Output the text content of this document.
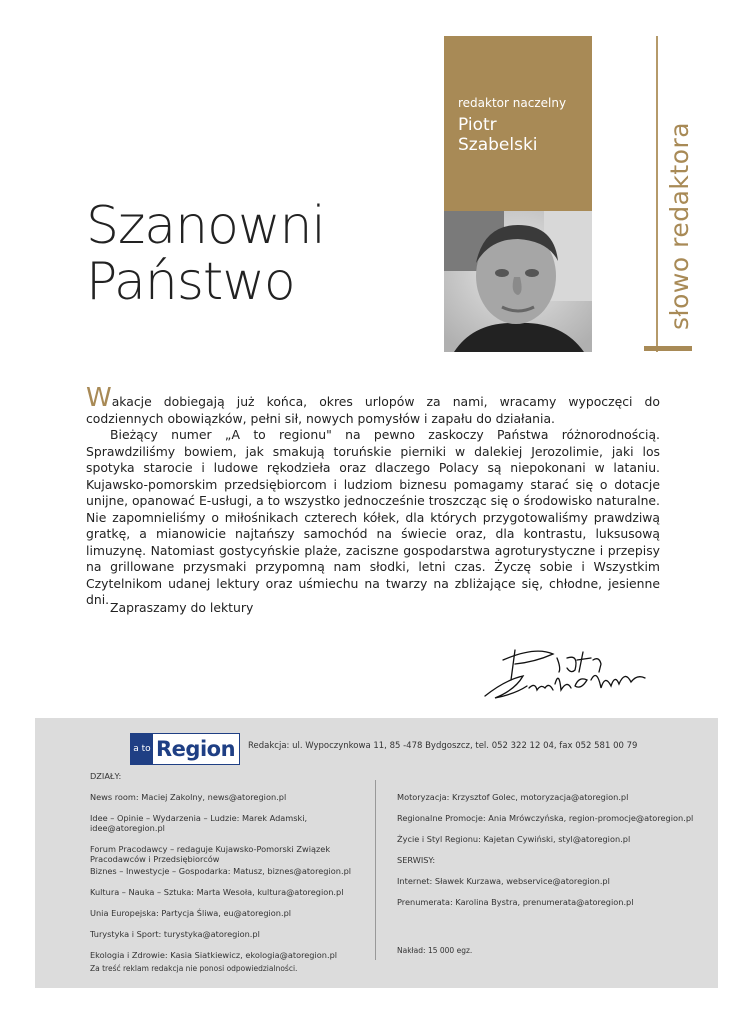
redaktor naczelny
Piotr
Szabelski	słowo redaktora
Szanowni
Państwo

Wakacje dobiegają już końca, okres urlopów za nami, wracamy wypoczęci do codziennych obowiązków, pełni sił, nowych pomysłów i zapału do działania.

Bieżący numer „A to regionu" na pewno zaskoczy Państwa różnorodnością. Sprawdziliśmy bowiem, jak smakują toruńskie pierniki w dalekiej Jerozolimie, jaki los spotyka starocie i ludowe rękodzieła oraz dlaczego Polacy są niepokonani w lataniu. Kujawsko-pomorskim przedsiębiorcom i ludziom biznesu pomagamy starać się o dotacje unijne, opanować E-usługi, a to wszystko jednocześnie troszcząc się o środowisko naturalne. Nie zapomnieliśmy o miłośnikach czterech kółek, dla których przygotowaliśmy prawdziwą gratkę, a mianowicie najtańszy samochód na świecie oraz, dla kontrastu, luksusową limuzynę. Natomiast gostycyńskie plaże, zaciszne gospodarstwa agroturystyczne i przepisy na grillowane przysmaki przypomną nam słodki, letni czas. Życzę sobie i Wszystkim Czytelnikom udanej lektury oraz uśmiechu na twarzy na zbliżające się, chłodne, jesienne dni.

Zapraszamy do lektury
a to Region	Redakcja: ul. Wypoczynkowa 11, 85 -478 Bydgoszcz, tel. 052 322 12 04, fax 052 581 00 79
DZIAŁY:
News room: Maciej Zakolny, news@atoregion.pl
Idee – Opinie – Wydarzenia – Ludzie: Marek Adamski, idee@atoregion.pl
Forum Pracodawcy – redaguje Kujawsko-Pomorski Związek Pracodawców i Przedsiębiorców
Biznes – Inwestycje – Gospodarka: Matusz, biznes@atoregion.pl
Kultura – Nauka – Sztuka: Marta Wesoła, kultura@atoregion.pl
Unia Europejska: Partycja Śliwa, eu@atoregion.pl
Turystyka i Sport: turystyka@atoregion.pl
Ekologia i Zdrowie: Kasia Siatkiewicz, ekologia@atoregion.pl
Za treść reklam redakcja nie ponosi odpowiedzialności.
Motoryzacja: Krzysztof Golec, motoryzacja@atoregion.pl
Regionalne Promocje: Ania Mrówczyńska, region-promocje@atoregion.pl
Życie i Styl Regionu: Kajetan Cywiński, styl@atoregion.pl
SERWISY:
Internet: Sławek Kurzawa, webservice@atoregion.pl
Prenumerata: Karolina Bystra, prenumerata@atoregion.pl
Nakład: 15 000 egz.
